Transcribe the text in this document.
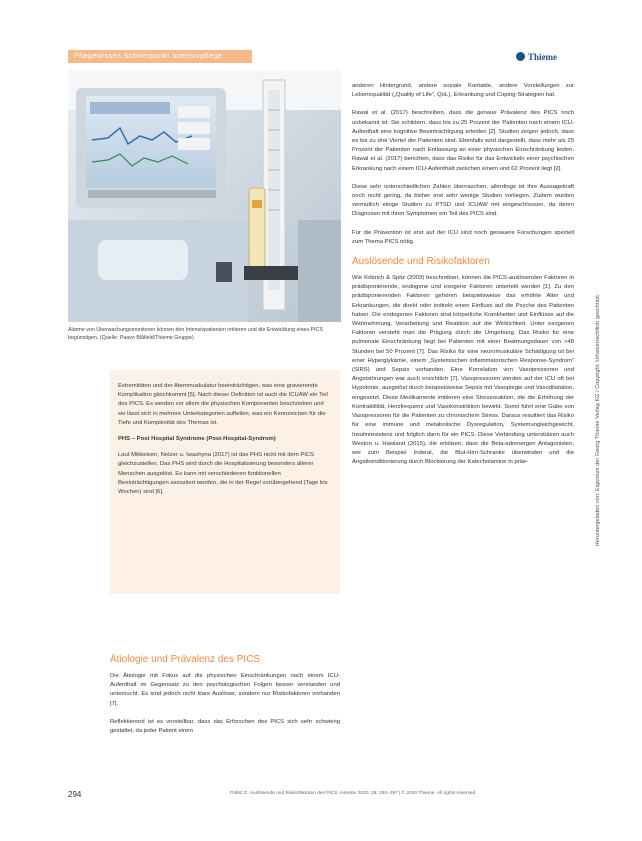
Pflegewissen Schwerpunkt Intensivpflege	Thieme
Alarme von Überwachungsmonitoren können den Intensivpatienten irritieren und die Entwicklung eines PICS begünstigen. (Quelle: Paavo Blåfield/Thieme Gruppe)

Extremitäten und der Atemmuskulatur beeinträchtigen, was eine gravierende Komplikation gleichkommt [5]. Nach dieser Definition ist auch die ICUAW ein Teil des PICS. Es werden vor allem die physischen Komponenten beschrieben und sie lässt sich in mehrere Unterkategorien aufteilen, was ein Kennzeichen für die Tiefe und Komplexität des Themas ist.

PHS – Post Hospital Syndrome (Post-Hospital-Syndrom)

Laut Mikkelsen, Netzer u. Iwashyna (2017) ist das PHS nicht mit dem PICS gleichzustellen. Das PHS wird durch die Hospitalisierung besonders älterer Menschen ausgelöst. Es kann mit verschiedenen funktionellen Beeinträchtigungen assoziiert werden, die in der Regel vorübergehend (Tage bis Wochen) sind [6].

Ätiologie und Prävalenz des PICS

Die Ätiologie mit Fokus auf die physischen Einschränkungen nach einem ICU-Aufenthalt im Gegensatz zu den psychologischen Folgen besser verstanden und untersucht. Es sind jedoch nicht klare Auslöser, sondern nur Risikofaktoren vorhanden [7].

Reflektierend ist es vorstellbar, dass das Erforschen des PICS sich sehr schwierig gestaltet, da jeder Patient einen

anderen Hintergrund, andere soziale Kontakte, andere Vorstellungen zur Lebensqualität („Quality of Life“, QoL), Erkrankung und Coping-Strategien hat.

Rawal et al. (2017) beschreiben, dass die genaue Prävalenz des PICS noch unbekannt ist. Sie schildern, dass bis zu 25 Prozent der Patienten nach einem ICU-Aufenthalt eine kognitive Beeinträchtigung erleiden [2]. Studien zeigen jedoch, dass es bis zu drei Viertel der Patienten sind. Ebenfalls wird dargestellt, dass mehr als 25 Prozent der Patienten nach Entlassung an einer physischen Einschränkung leiden. Rawal et al. (2017) berichten, dass das Risiko für das Entwickeln einer psychischen Erkrankung nach einem ICU-Aufenthalt zwischen einem und 62 Prozent liegt [2].

Diese sehr unterschiedlichen Zahlen überraschen, allerdings ist ihre Aussagekraft noch recht gering, da bisher erst sehr wenige Studien vorliegen. Zudem wurden vermutlich einige Studien zu PTSD und ICUAW mit eingeschlossen, da deren Diagnosen mit ihren Symptomen ein Teil des PICS sind.

Für die Prävention ist erst auf der ICU sind noch genauere Forschungen speziell zum Thema PICS nötig.

Auslösende und Risikofaktoren

Wie Köbrich & Spitz (2003) beschreiben, können die PICS-auslösenden Faktoren in prädisponierende, endogene und exogene Faktoren unterteilt werden [1]. Zu den prädisponierenden Faktoren gehören beispielsweise das erhöhte Alter und Erkrankungen, die direkt oder indirekt einen Einfluss auf die Psyche des Patienten haben. Die endogenen Faktoren sind körperliche Krankheiten und Einflüsse auf die Wahrnehmung, Verarbeitung und Reaktion auf die Wirklichkeit. Unter exogenen Faktoren versteht man die Prägung durch die Umgebung. Das Risiko für eine pulmonale Einschränkung liegt bei Patienten mit einer Beatmungsdauer von >48 Stunden bei 50 Prozent [7]. Das Risiko für eine neuromuskuläre Schädigung ist bei einer Hyperglykämie, einem „Systemischen inflammatorischen Response-Syndrom“ (SIRS) und Sepsis vorhanden. Eine Korrelation von Vasopressoren und Angststörungen war auch ersichtlich [7]. Vasopressoren werden auf der ICU oft bei Hypotonie, ausgelöst durch beispielsweise Sepsis mit Vasoplegie und Vasodilatation, eingesetzt. Diese Medikamente imitieren eine Stressreaktion, die die Erhöhung der Kontraktilität, Herzfrequenz und Vasokonstriktion bewirkt. Somit führt eine Gabe von Vasopressoren für die Patienten zu chronischem Stress. Daraus resultiert das Risiko für eine immune und metabolische Dysregulation, Systemungleichgewicht, Insulinresistenz und folglich dann für ein PICS. Diese Verbindung unterstützen auch Weston u. Hawland (2015), die erklären, dass die Beta-adrenergen Antagonisten, wie zum Beispiel Inderal, die Blut-Hirn-Schranke überwinden und die Angstkonditionierung durch Blockierung der Katecholamine in präe-	Heruntergeladen von: Eigentum der Georg Thieme Verlag KG / Copyright. Urheberrechtlich geschützt.
294	Pabst G. Auslösende und Risikofaktoren des PICS. intensiv 2020; 28: 292–297 | © 2020 Thieme. All rights reserved.
